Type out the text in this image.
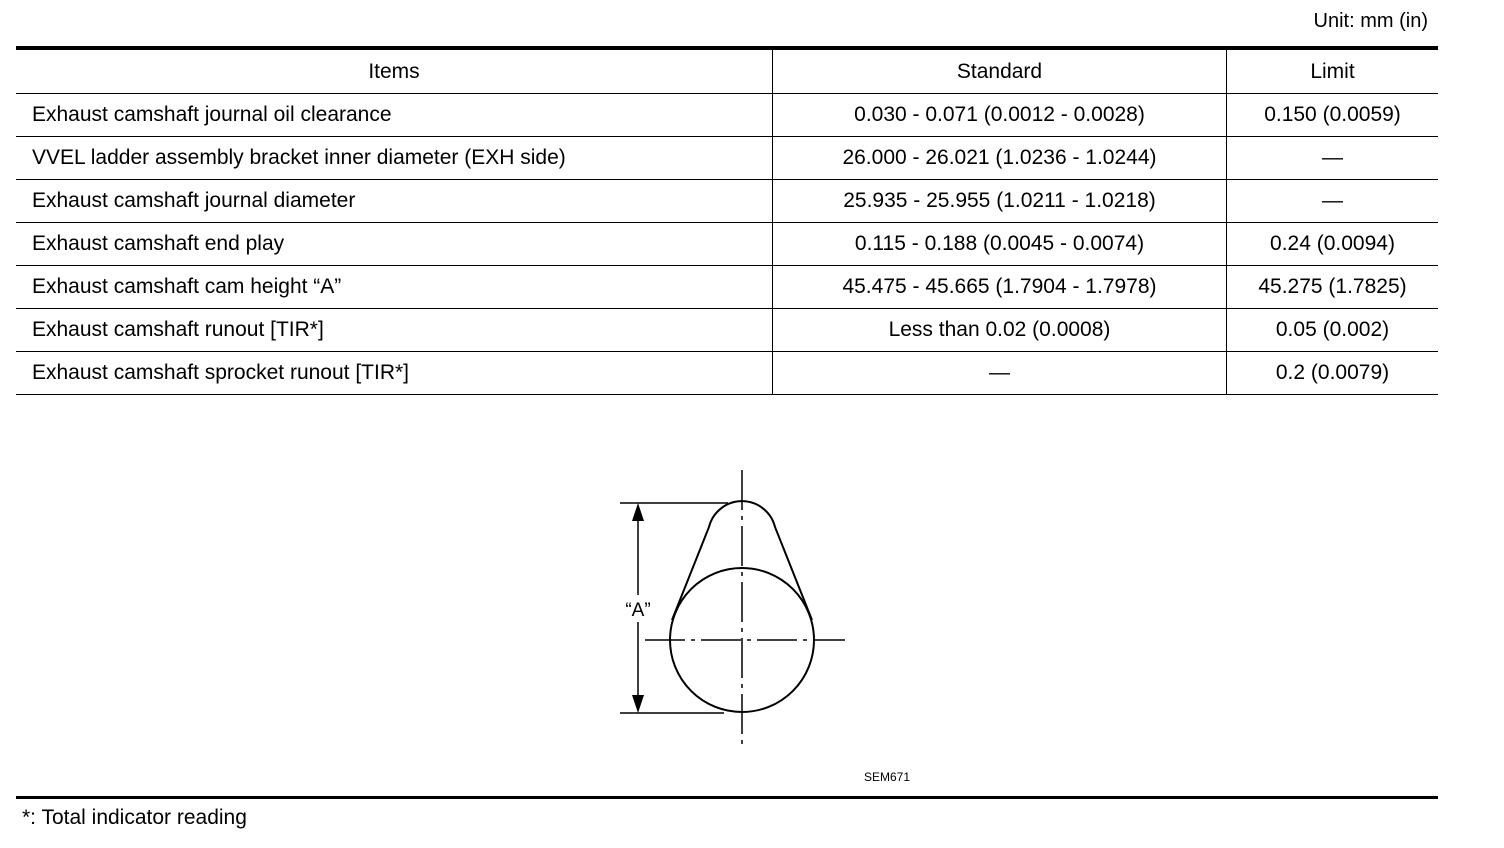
Unit: mm (in)
Items	Standard	Limit
Exhaust camshaft journal oil clearance	0.030 - 0.071 (0.0012 - 0.0028)	0.150 (0.0059)
VVEL ladder assembly bracket inner diameter (EXH side)	26.000 - 26.021 (1.0236 - 1.0244)	—
Exhaust camshaft journal diameter	25.935 - 25.955 (1.0211 - 1.0218)	—
Exhaust camshaft end play	0.115 - 0.188 (0.0045 - 0.0074)	0.24 (0.0094)
Exhaust camshaft cam height “A”	45.475 - 45.665 (1.7904 - 1.7978)	45.275 (1.7825)
Exhaust camshaft runout [TIR*]	Less than 0.02 (0.0008)	0.05 (0.002)
Exhaust camshaft sprocket runout [TIR*]	—	0.2 (0.0079)
“A”
SEM671
*: Total indicator reading
